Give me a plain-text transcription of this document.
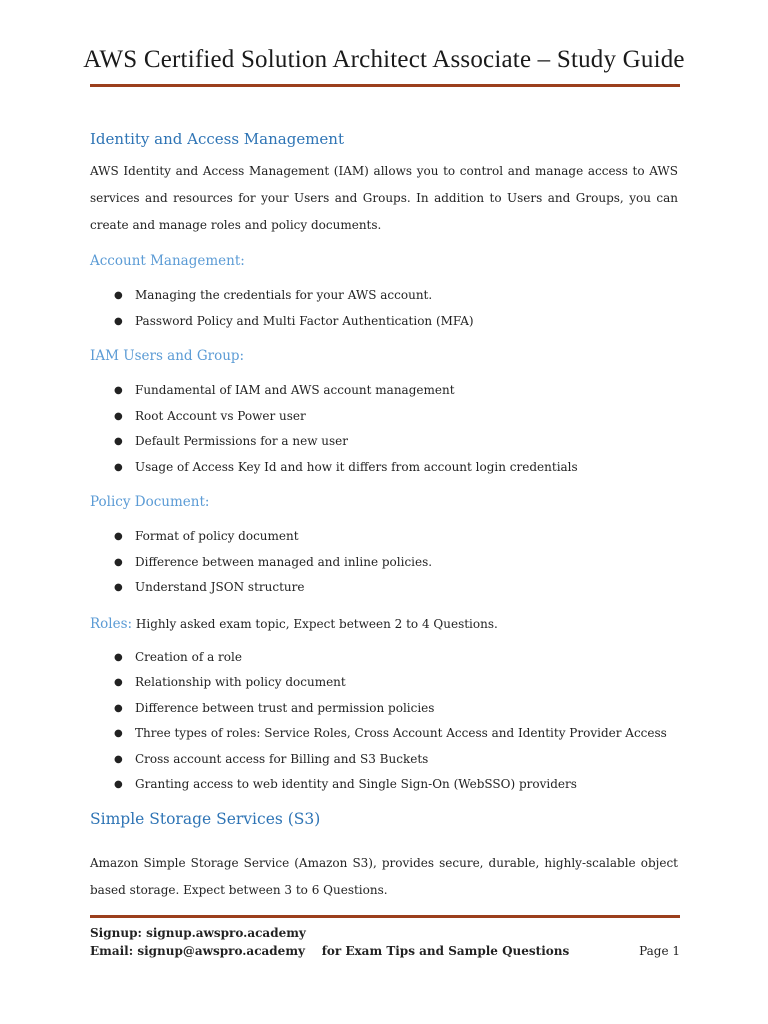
AWS Certified Solution Architect Associate – Study Guide
Identity and Access Management

AWS Identity and Access Management (IAM) allows you to control and manage access to AWS services and resources for your Users and Groups. In addition to Users and Groups, you can create and manage roles and policy documents.

Account Management:
● Managing the credentials for your AWS account.
● Password Policy and Multi Factor Authentication (MFA)
IAM Users and Group:
● Fundamental of IAM and AWS account management
● Root Account vs Power user
● Default Permissions for a new user
● Usage of Access Key Id and how it differs from account login credentials
Policy Document:
● Format of policy document
● Difference between managed and inline policies.
● Understand JSON structure
Roles: Highly asked exam topic, Expect between 2 to 4 Questions.
● Creation of a role
● Relationship with policy document
● Difference between trust and permission policies
● Three types of roles: Service Roles, Cross Account Access and Identity Provider Access
● Cross account access for Billing and S3 Buckets
● Granting access to web identity and Single Sign-On (WebSSO) providers
Simple Storage Services (S3)

Amazon Simple Storage Service (Amazon S3), provides secure, durable, highly-scalable object based storage. Expect between 3 to 6 Questions.

Signup: signup.awspro.academy
Email: signup@awspro.academy    for Exam Tips and Sample Questions	Page 1
